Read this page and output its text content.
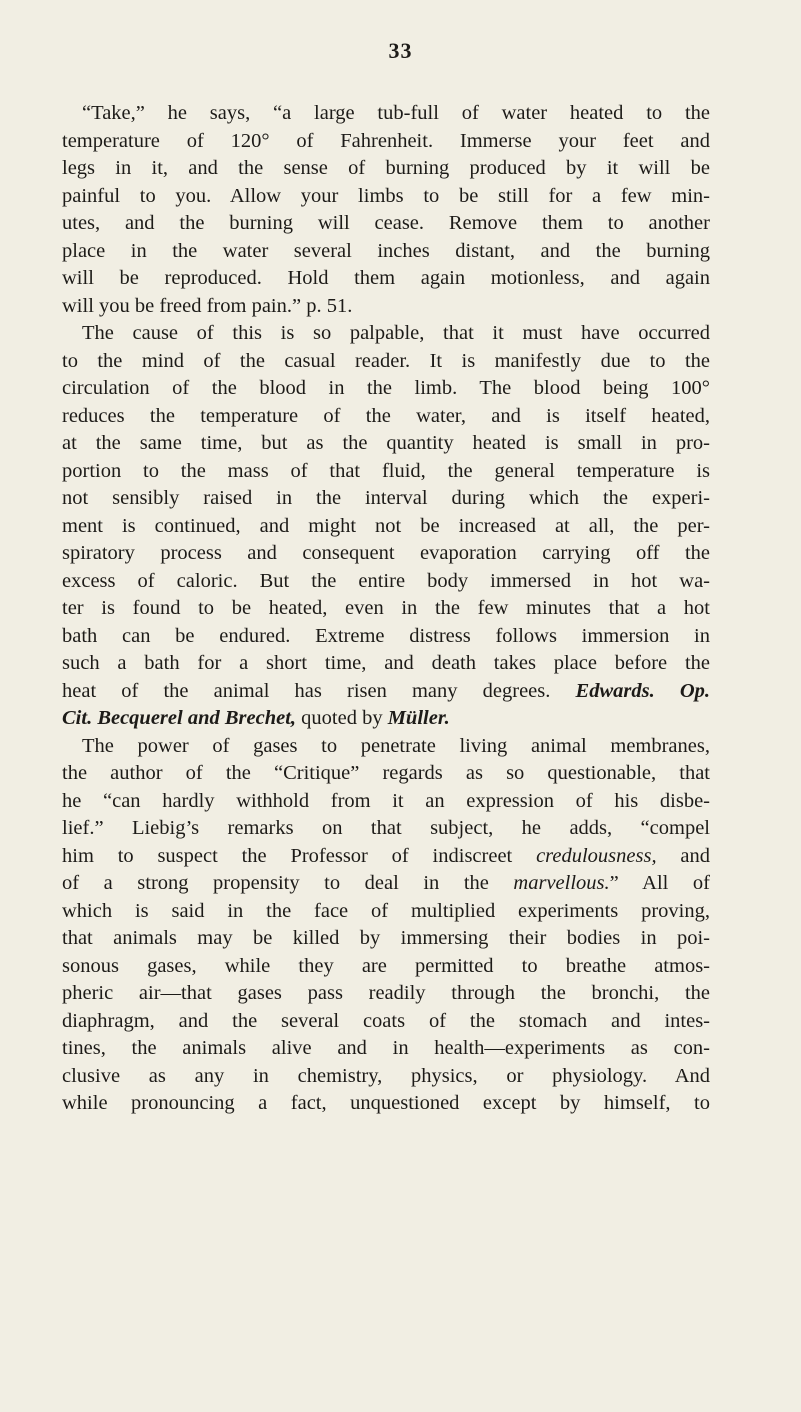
33
“Take,” he says, “a large tub-full of water heated to the
temperature of 120° of Fahrenheit. Immerse your feet and
legs in it, and the sense of burning produced by it will be
painful to you. Allow your limbs to be still for a few min-
utes, and the burning will cease. Remove them to another
place in the water several inches distant, and the burning
will be reproduced. Hold them again motionless, and again
will you be freed from pain.” p. 51.
The cause of this is so palpable, that it must have occurred
to the mind of the casual reader. It is manifestly due to the
circulation of the blood in the limb. The blood being 100°
reduces the temperature of the water, and is itself heated,
at the same time, but as the quantity heated is small in pro-
portion to the mass of that fluid, the general temperature is
not sensibly raised in the interval during which the experi-
ment is continued, and might not be increased at all, the per-
spiratory process and consequent evaporation carrying off the
excess of caloric. But the entire body immersed in hot wa-
ter is found to be heated, even in the few minutes that a hot
bath can be endured. Extreme distress follows immersion in
such a bath for a short time, and death takes place before the
heat of the animal has risen many degrees. Edwards. Op.
Cit. Becquerel and Brechet, quoted by Müller.
The power of gases to penetrate living animal membranes,
the author of the “Critique” regards as so questionable, that
he “can hardly withhold from it an expression of his disbe-
lief.” Liebig’s remarks on that subject, he adds, “compel
him to suspect the Professor of indiscreet credulousness, and
of a strong propensity to deal in the marvellous.” All of
which is said in the face of multiplied experiments proving,
that animals may be killed by immersing their bodies in poi-
sonous gases, while they are permitted to breathe atmos-
pheric air—that gases pass readily through the bronchi, the
diaphragm, and the several coats of the stomach and intes-
tines, the animals alive and in health—experiments as con-
clusive as any in chemistry, physics, or physiology. And
while pronouncing a fact, unquestioned except by himself, to
